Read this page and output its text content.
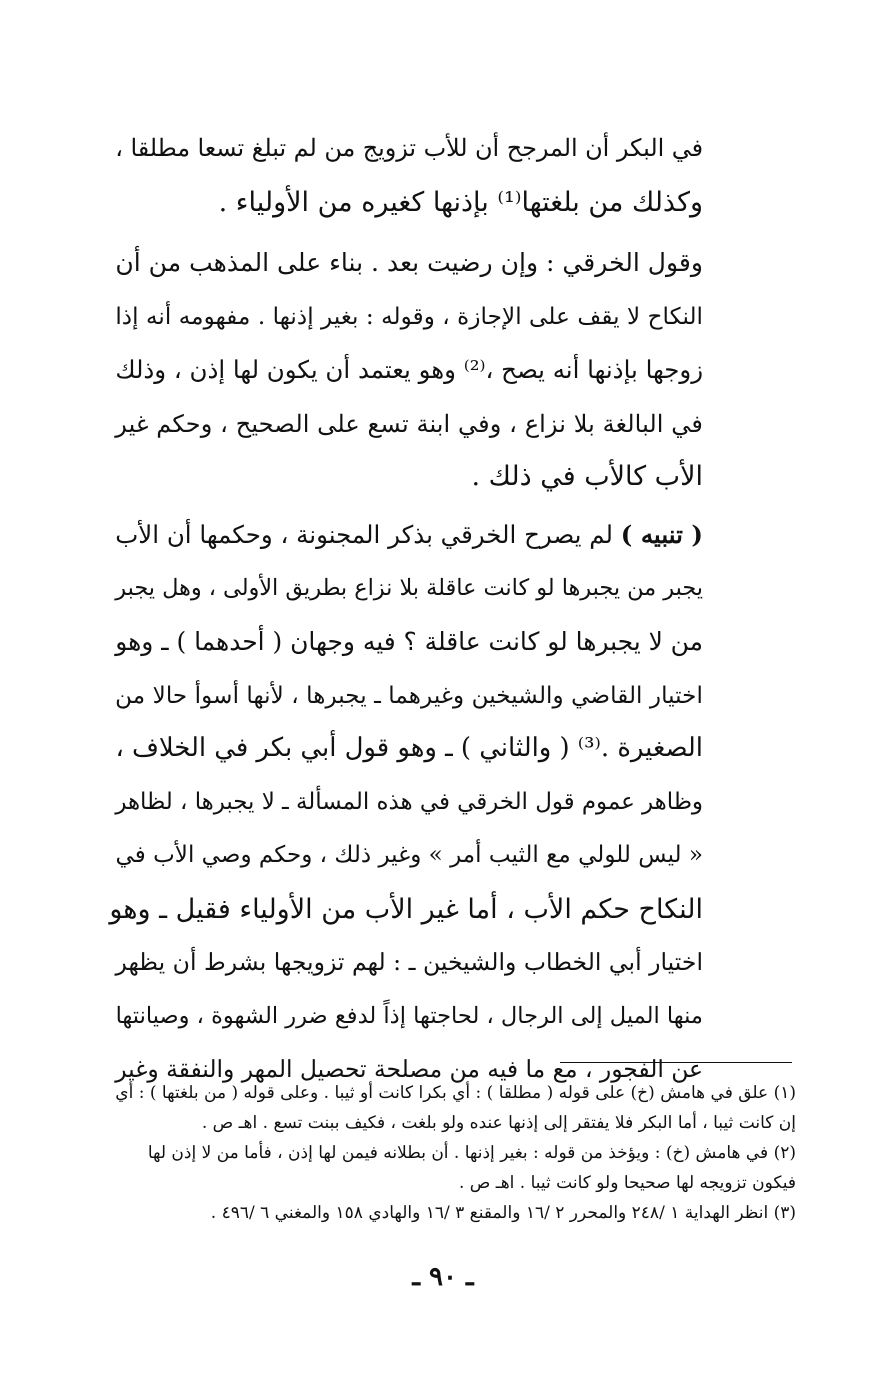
في البكر أن المرجح أن للأب تزويج من لم تبلغ تسعا مطلقا ،
وكذلك من بلغتها⁽¹⁾ بإذنها كغيره من الأولياء .
وقول الخرقي : وإن رضيت بعد . بناء على المذهب من أن
النكاح لا يقف على الإجازة ، وقوله : بغير إذنها . مفهومه أنه إذا
زوجها بإذنها أنه يصح ،⁽²⁾ وهو يعتمد أن يكون لها إذن ، وذلك
في البالغة بلا نزاع ، وفي ابنة تسع على الصحيح ، وحكم غير
الأب كالأب في ذلك .
( تنبيه ) لم يصرح الخرقي بذكر المجنونة ، وحكمها أن الأب
يجبر من يجبرها لو كانت عاقلة بلا نزاع بطريق الأولى ، وهل يجبر
من لا يجبرها لو كانت عاقلة ؟ فيه وجهان ( أحدهما ) ـ وهو
اختيار القاضي والشيخين وغيرهما ـ يجبرها ، لأنها أسوأ حالا من
الصغيرة .⁽³⁾ ( والثاني ) ـ وهو قول أبي بكر في الخلاف ،
وظاهر عموم قول الخرقي في هذه المسألة ـ لا يجبرها ، لظاهر
« ليس للولي مع الثيب أمر » وغير ذلك ، وحكم وصي الأب في
النكاح حكم الأب ، أما غير الأب من الأولياء فقيل ـ وهو
اختيار أبي الخطاب والشيخين ـ : لهم تزويجها بشرط أن يظهر
منها الميل إلى الرجال ، لحاجتها إذاً لدفع ضرر الشهوة ، وصيانتها
عن الفجور ، مع ما فيه من مصلحة تحصيل المهر والنفقة وغير
(١) علق في هامش (خ) على قوله ( مطلقا ) : أي بكرا كانت أو ثيبا . وعلى قوله ( من بلغتها ) : أي
إن كانت ثيبا ، أما البكر فلا يفتقر إلى إذنها عنده ولو بلغت ، فكيف ببنت تسع . اهـ ص .
(٢) في هامش (خ) : ويؤخذ من قوله : بغير إذنها . أن بطلانه فيمن لها إذن ، فأما من لا إذن لها
فيكون تزويجه لها صحيحا ولو كانت ثيبا . اهـ ص .
(٣) انظر الهداية ١ /٢٤٨ والمحرر ٢ /١٦ والمقنع ٣ /١٦ والهادي ١٥٨ والمغني ٦ /٤٩٦ .
ـ ٩٠ ـ
